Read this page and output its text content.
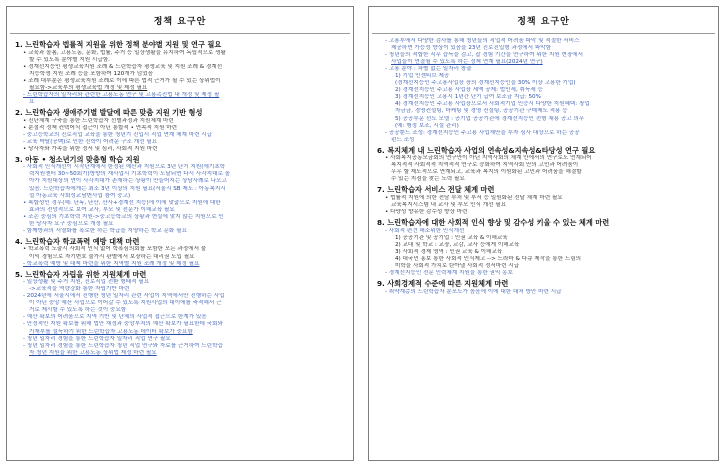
정책 요구안
1. 느린학습자 법률적 지원을 위한 정책 분야별 지원 및 연구 필요
• 교육과 돌봄, 고용노동, 문화, 법률, 주거 등 일상생활을 유지하여 독립적으로 생활
할 수 있도록 분야별 지원 시급함.
• 경계선지능인 평생교육지원 조례 & 느린학습자 평생교육 및 지원 조례 & 경계선
지능학생 지원 조례 등을 포함하여 120개가 넘었음
• 조례 대부분은 평생교육지원 조례로 이에 따른 법적 근거가 될 수 있는 상위법이
필요함->교육부의 평생교육법 개정 및 제정 필요
- 느린학습자의 일자리와 관련한 고용노동 연구 및 고용촉진법 내 개정 및 제정 필
요
2. 느린학습자 생애주기별 발달에 따른 맞춤 지원 기반 형성
• 진단체계 구축을 통한 느린학습자 선별과정과 지원체계 마련
• 분절적 정책 컨텍어식 접근이 아닌 통합적 • 연속적 지원 마련
- 중고등학교의 진로직업 교육을 통한 청년기 진입시 직업 연계 체계 마련 시급
- 교육 박탈(공백)로 인한 진학이 어려운 구조 개선 필요
• 당사자와 가족을 위한 정서 및 심리, 사회적 지원 마련
3. 아동 • 청소년기의 맞춤형 학습 지원
- 사회적 인식개선이 시작단계에서 한정된 예산과 지원으로 3년 단기 지원(에기초학
력지원센터 30~50회기)방향의 재사업시 기초학력이 도달되면 다시 사각지대로 돌
아가 지원대상의 연이 사각지대가 존재하는 상황이 만들어지는 상담사례로 나오고
있음. 느린학습자에게는 최소 3년 이상의 지원 필요(서울시 SB 제도 : 아동복지시
설 아동교육 사회성교남변사업 참여 중고)
• 복합성인 경우(예: 난독, 난산, 산사+경계선 지능)에 이에 맞춤으로 지원에 대한
효과의 전망적으로 보여 교사, 부모 및 전문가 이해교육 필요
• 조손 중심의 기초학력 지원->중고등학교의 상황과 현실에 맞지 않는 지원으로 인
한 당사자 요구 중심으로 개정 필요
- 함께방과의 서열화를 폭로한 하는 학급을 지양하는 학교 문화 필요
4. 느린학습자 학교폭력 예방 대책 마련
• 학교폭력 노출시 사회적 인식 없어 학폭심의회를 포함한 모든 과정에서 불
이익 경험으로 자기변호 불가시 판별에서 보장하는 대리권 도입 필요
- 학교폭력 예방 및 대책 마련을 위한 지역별 지원 조례 개정 및 제정 필요
5. 느린학습자 자립을 위한 지원체계 마련
- 일상생활 및 주거 지원, 진로직업 전환 형태적 필요
->교육적을 역량강화 통한 자립기반 마련
- 2024년에 서울시에서 진행한 청년 일자리 관련 사업이 지역에서만 진행하는 사업
이 아닌 중앙 예산 사업으로 이어갈 수 있도록 지원사업의 대이에를 축적해서 근
거로 제시할 수 있도록 하는 것이 중요함
- 예산 확보의 어려움으로 지역 기반 및 단체의 사업적 접근으로 한계가 있음
- 안정적인 지원 확보를 위해 법안 재정과 중앙부처의 예산 확보가 필요한데 국회와
기재부를 설득하기 위한 느린학습자 고용노동 데이터 확보가 중요함
- 청년 일자리 경험을 통한 느린학습자 일자리 직업 연구 필요
- 청년 일자리 경험을 통한 느린학습자 청년 직업 연구와 자료를 근거하여 느린학습
자 청년 지원을 위한 고용노동 상위법 제정 마련 필요
정책 요구안
- 고용부에서 다양한 검사를 통해 청년들의 직업적 어려움 파악 및 적절한 서비스
제공하면 가능성 향상이 있음을 23년 진로진입형 과정에서 파악함
- 청년들의 적합한 직무 습득을 검고, 잡 경험 기간을 연구하여 위한 지원 현장에서
사업들이 연결될 수 있도록 하는 정책 연계 필요(2024년 연구)
- 고용 분야 : 차별 없는 일자리 창출
1) 기업 인센티브 제공
(경계선지능인 주고용사업장 장의 경계선지능인을 30% 이상 고용한 기업)
2) 경계선지능인 주고용 사업장 세액 공제: 법인세, 취득세 등
3) 경계선지능인 고용시 1년간 단기 급여 보조금 지급: 50%
4) 경계선지능인 주고용 사업장으로서 사회적기업 인증시 다양한 지원혜택: 창업
자금금, 경영컨설팅, 마케팅 및 경영 컨설팅, 공공기관 구매제도 적용 등
5) 공공부문 선도 모델 : 공기업 공공기관에 경계선지능인 전형 채용 공고 의무
(예: 행정 보조, 시설 관리)
- 공공뿐드 조성: 경계선지능인 주고용 사업체만을 투자 심사 대상으로 하는 공공
펀드 조성
6. 복지체계 내 느린학습자 사업의 연속성&지속성&타당성 연구 필요
• 사회복지공동모금회의 연구만이 아닌 지역사회의 체계 안에서의 연구로도 연계되어
복지적적 사회적적 지역적적 연구로 승화하여 지역사회 안의 고민과 어려움이
우우 할 제도적으로 연계되고, 교육과 복지의 이원화된 고민과 어려움을 해결할
수 있는 지점을 찾는 노력 필요
7. 느린학습자 서비스 전달 체계 마련
• 법률적 지원에 의한 전담 부처 및 부서 등 일원화된 전달 체계 마련 필요
교육복지시스템 내 교사 및 부모 인식 개선 필요
• 다양성 향유한 감수성 향상 마련
8. 느린학습자에 대한 사회적 인식 향상 및 감수성 키울 수 있는 체계 마련
- 사회적 편견 해소위한 인식개선
1) 공공기관 및 공기업 : 인권 교육 & 이해교육
2) 교대 및 학교 : 교장, 교감, 교사 등에게 이해교육
3) 사회적 경제 영역 : 인권 교육 & 이해교육
4) 대국민 홍보 통한 사회적 인식제고 --> 드라마 & 다큐 제작을 통한 느림의
미학을 사회적 가치로 탄아낼 사회적 정서마련 시급
- 경계선지능인 전문 인력체계 지원을 통한 권익 옹호
9. 사회경제적 수준에 따른 지원체계 마련
- 취약계층의 느린학습자 분포도가 높음에 이에 대한 대처 방안 마련 시급
